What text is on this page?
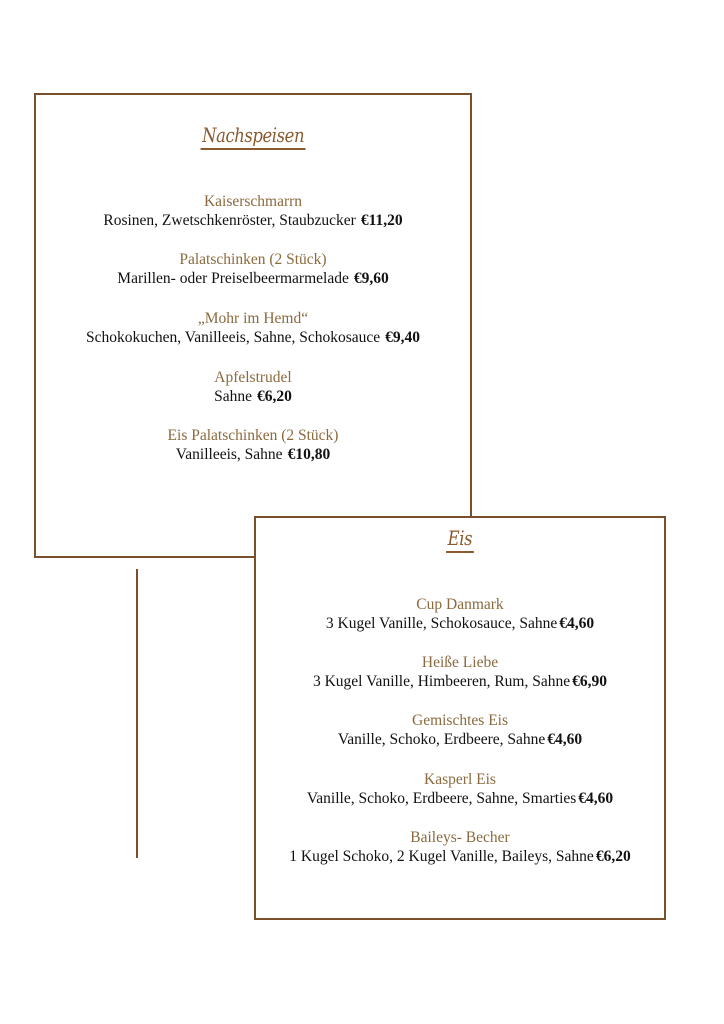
Nachspeisen
Kaiserschmarrn
Rosinen, Zwetschkenröster, Staubzucker €11,20
Palatschinken (2 Stück)
Marillen- oder Preiselbeermarmelade €9,60
„Mohr im Hemd“
Schokokuchen, Vanilleeis, Sahne, Schokosauce €9,40
Apfelstrudel
Sahne €6,20
Eis Palatschinken (2 Stück)
Vanilleeis, Sahne €10,80
Eis
Cup Danmark
3 Kugel Vanille, Schokosauce, Sahne €4,60
Heiße Liebe
3 Kugel Vanille, Himbeeren, Rum, Sahne €6,90
Gemischtes Eis
Vanille, Schoko, Erdbeere, Sahne €4,60
Kasperl Eis
Vanille, Schoko, Erdbeere, Sahne, Smarties €4,60
Baileys- Becher
1 Kugel Schoko, 2 Kugel Vanille, Baileys, Sahne €6,20
